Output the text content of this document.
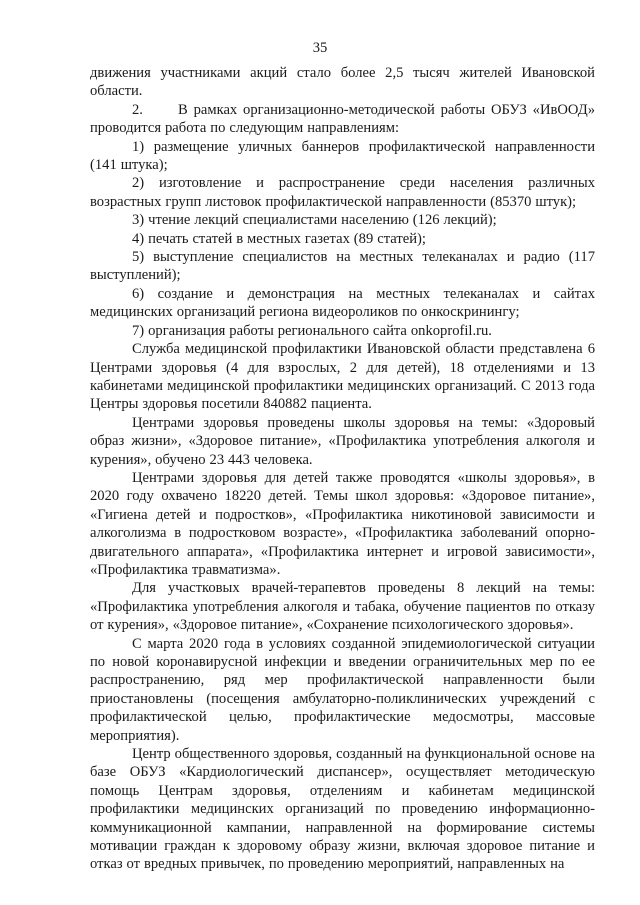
35

движения участниками акций стало более 2,5 тысяч жителей Ивановской области.

2.      В рамках организационно-методической работы ОБУЗ «ИвООД» проводится работа по следующим направлениям:

1) размещение уличных баннеров профилактической направленности (141 штука);

2) изготовление и распространение среди населения различных возрастных групп листовок профилактической направленности (85370 штук);

3) чтение лекций специалистами населению (126 лекций);

4) печать статей в местных газетах (89 статей);

5) выступление специалистов на местных телеканалах и радио (117 выступлений);

6) создание и демонстрация на местных телеканалах и сайтах медицинских организаций региона видеороликов по онкоскринингу;

7) организация работы регионального сайта onkoprofil.ru.

Служба медицинской профилактики Ивановской области представлена 6 Центрами здоровья (4 для взрослых, 2 для детей), 18 отделениями и 13 кабинетами медицинской профилактики медицинских организаций. С 2013 года Центры здоровья посетили 840882 пациента.

Центрами здоровья проведены школы здоровья на темы: «Здоровый образ жизни», «Здоровое питание», «Профилактика употребления алкоголя и курения», обучено 23 443 человека.

Центрами здоровья для детей также проводятся «школы здоровья», в 2020 году охвачено 18220 детей. Темы школ здоровья: «Здоровое питание», «Гигиена детей и подростков», «Профилактика никотиновой зависимости и алкоголизма в подростковом возрасте», «Профилактика заболеваний опорно-двигательного аппарата», «Профилактика интернет и игровой зависимости», «Профилактика травматизма».

Для участковых врачей-терапевтов проведены 8 лекций на темы: «Профилактика употребления алкоголя и табака, обучение пациентов по отказу от курения», «Здоровое питание», «Сохранение психологического здоровья».

С марта 2020 года в условиях созданной эпидемиологической ситуации по новой коронавирусной инфекции и введении ограничительных мер по ее распространению, ряд мер профилактической направленности были приостановлены (посещения амбулаторно-поликлинических учреждений с профилактической целью, профилактические медосмотры, массовые мероприятия).

Центр общественного здоровья, созданный на функциональной основе на базе ОБУЗ «Кардиологический диспансер», осуществляет методическую помощь Центрам здоровья, отделениям и кабинетам медицинской профилактики медицинских организаций по проведению информационно-коммуникационной кампании, направленной на формирование системы мотивации граждан к здоровому образу жизни, включая здоровое питание и отказ от вредных привычек, по проведению мероприятий, направленных на
